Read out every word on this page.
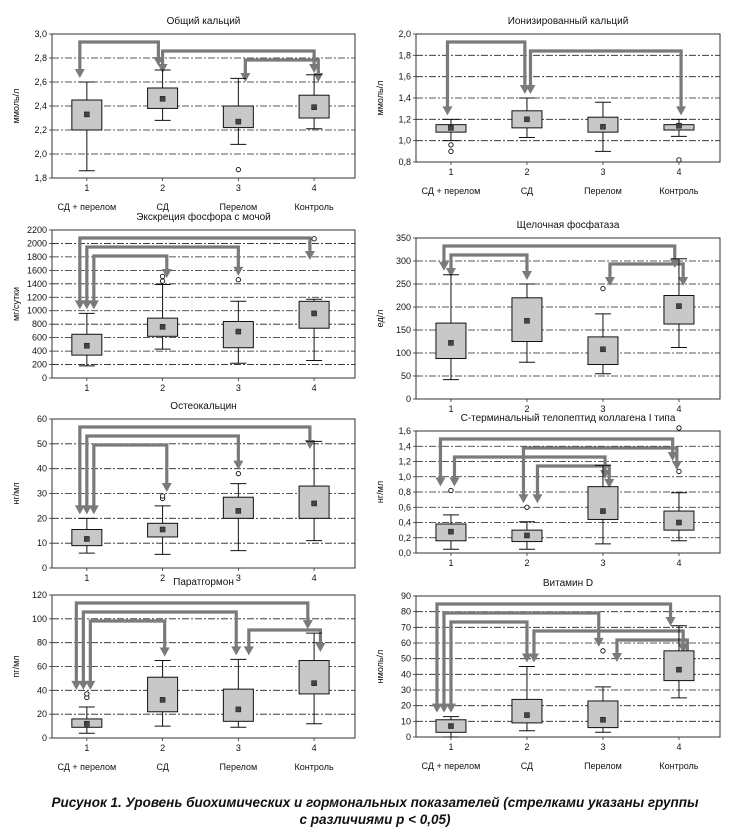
Общий кальций
ммоль/л
1,8
2,0
2,2
2,4
2,6
2,8
3,0
1	2	3	4
СД + перелом	СД	Перелом	Контроль
Ионизированный кальций
ммоль/л
0,8
1,0
1,2
1,4
1,6
1,8
2,0
1	2	3	4
СД + перелом	СД	Перелом	Контроль
Экскреция фосфора с мочой
мг/сутки
0
200
400
600
800
1000
1200
1400
1600
1800
2000
2200
1	2	3	4
Щелочная фосфатаза
ед/л
0
50
100
150
200
250
300
350
1	2	3	4
Остеокальцин
нг/мл
0
10
20
30
40
50
60
1	2	3	4
С-терминальный телопептид коллагена I типа
нг/мл
0,0
0,2
0,4
0,6
0,8
1,0
1,2
1,4
1,6
1	2	3	4
Паратгормон
пг/мл
0
20
40
60
80
100
120
1	2	3	4
СД + перелом	СД	Перелом	Контроль
Витамин D
нмоль/л
0
10
20
30
40
50
60
70
80
90
1	2	3	4
СД + перелом	СД	Перелом	Контроль
Рисунок 1. Уровень биохимических и гормональных показателей (стрелками указаны группы
с различиями p < 0,05)
